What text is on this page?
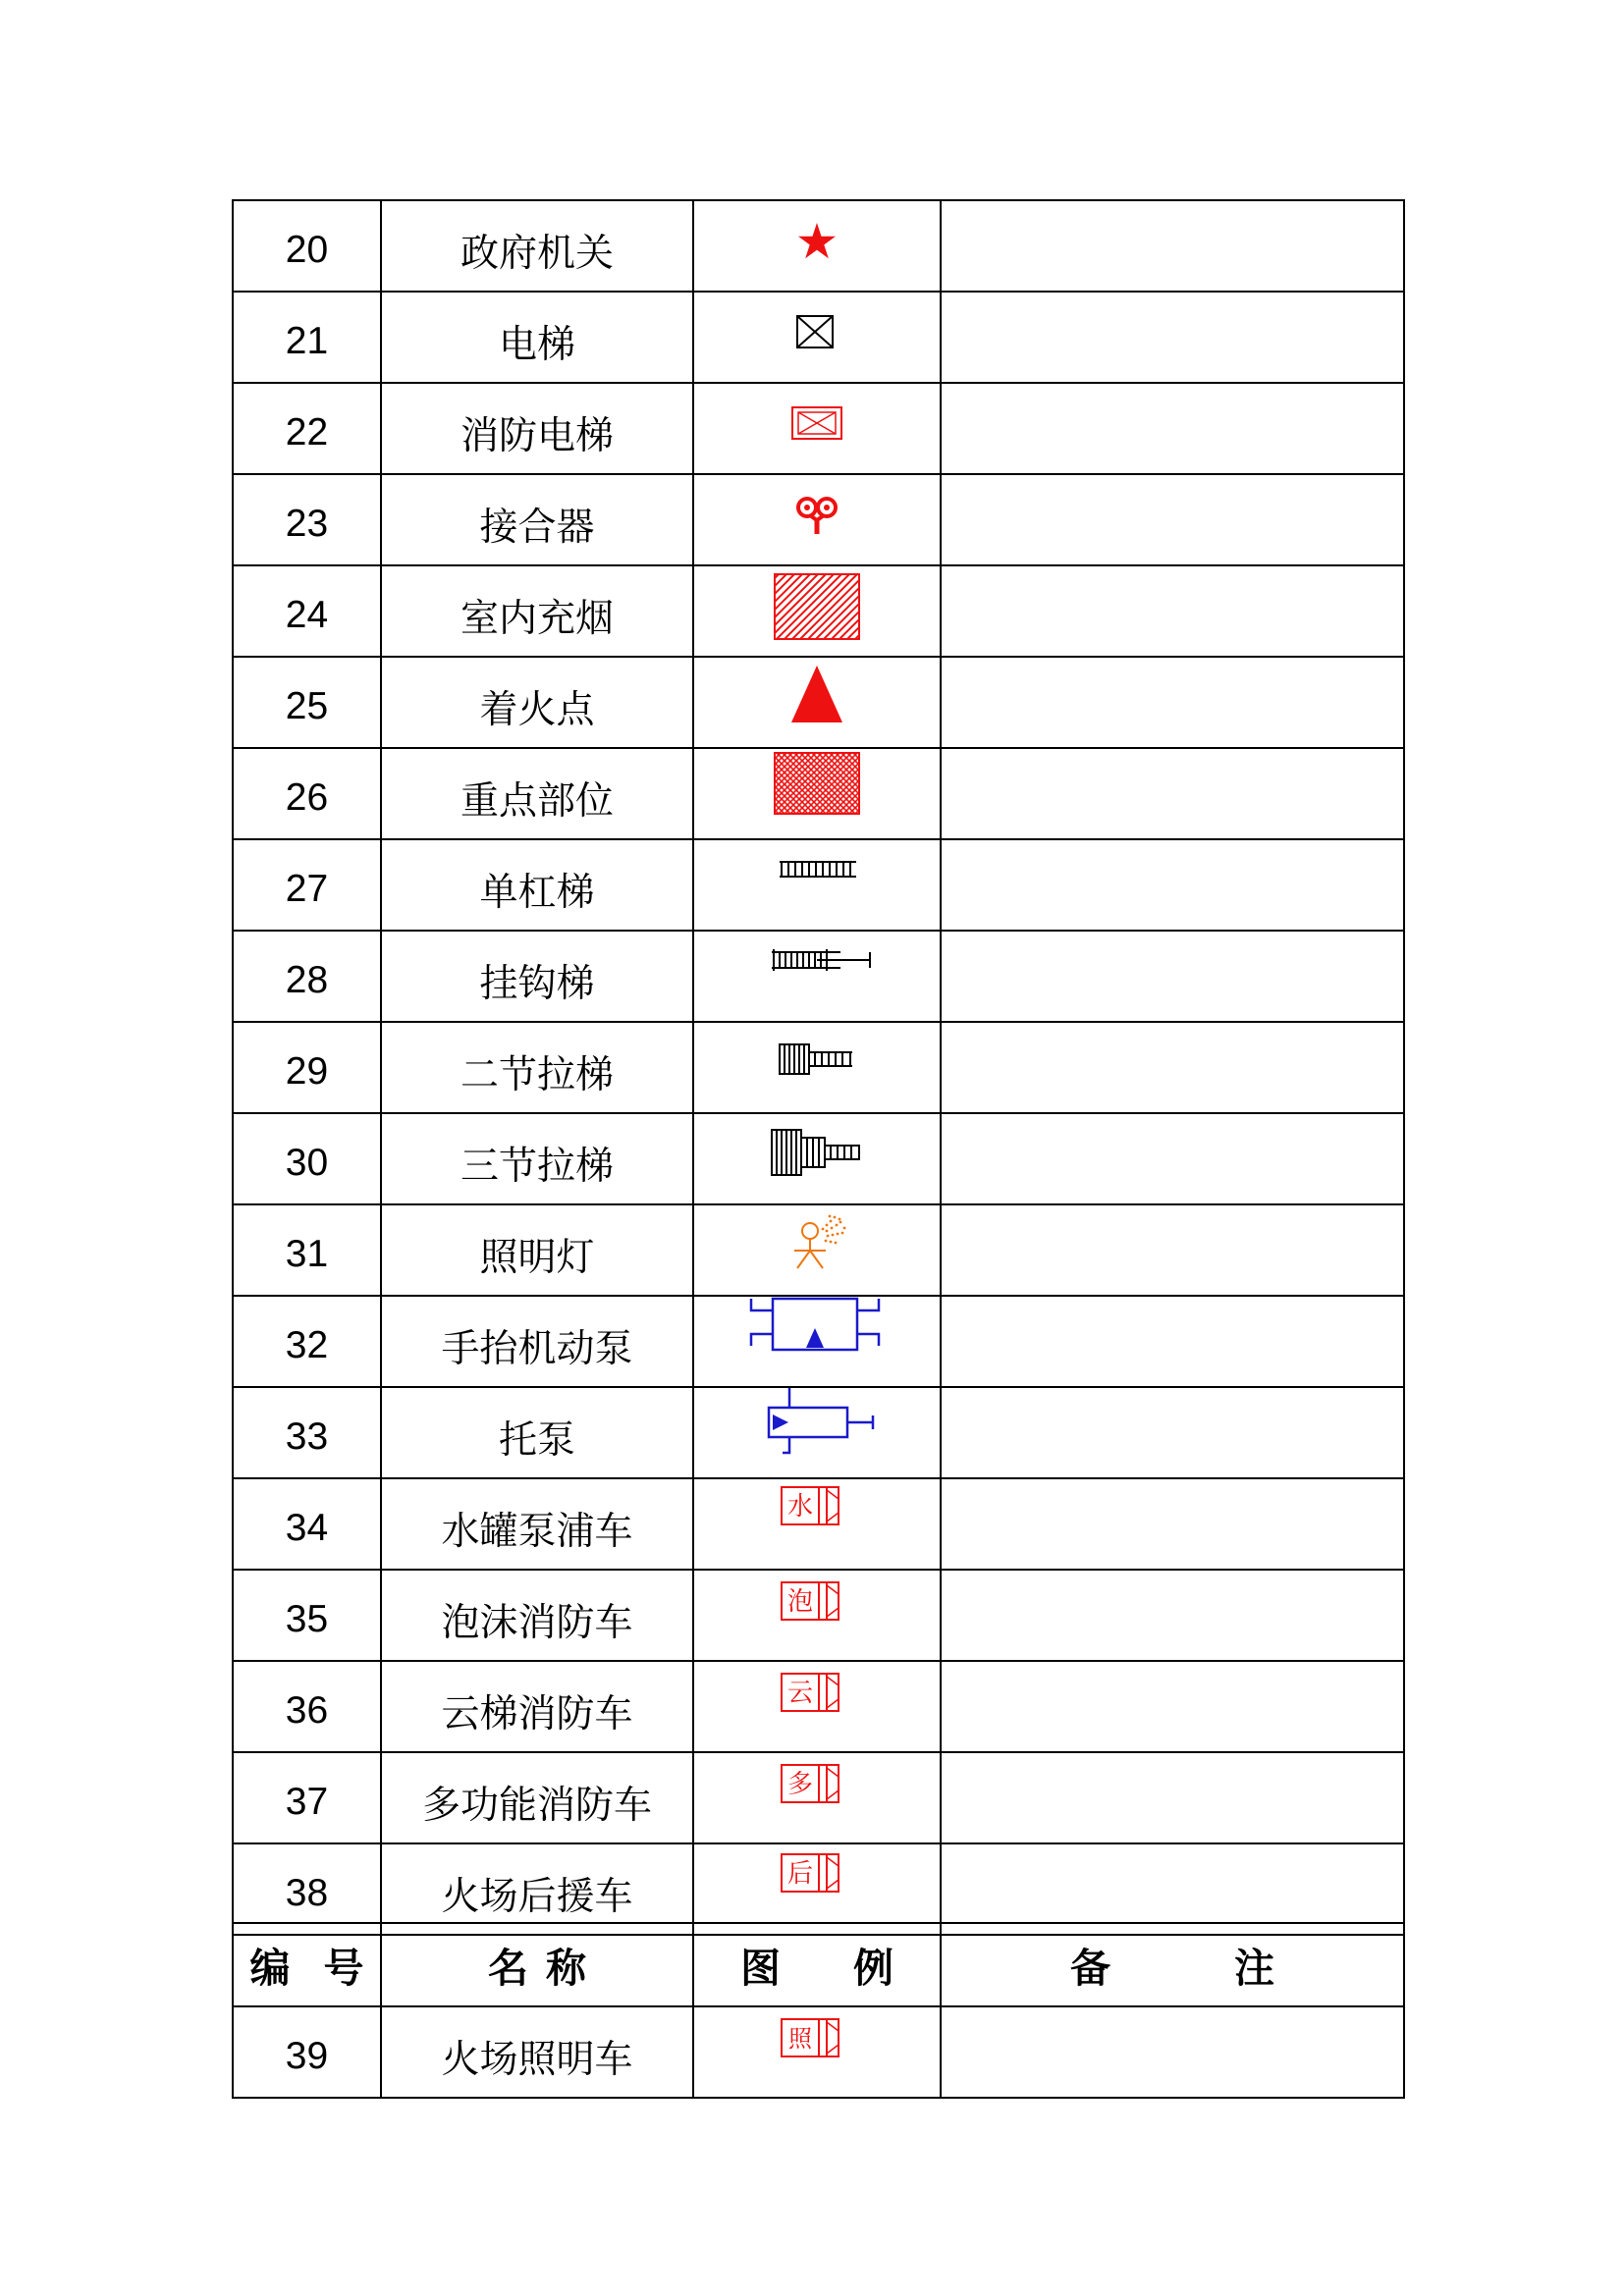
20	政府机关	

21	电梯	

22	消防电梯	

23	接合器	

24	室内充烟	

25	着火点	

26	重点部位	

27	单杠梯	

28	挂钩梯	

29	二节拉梯	

30	三节拉梯	

31	照明灯	

32	手抬机动泵	

33	托泵	

34	水罐泵浦车	水	

35	泡沫消防车	泡	

36	云梯消防车	云	

37	多功能消防车	多	

38	火场后援车	后	

编 号	名 称	图 例	备 注
39	火场照明车	照	
